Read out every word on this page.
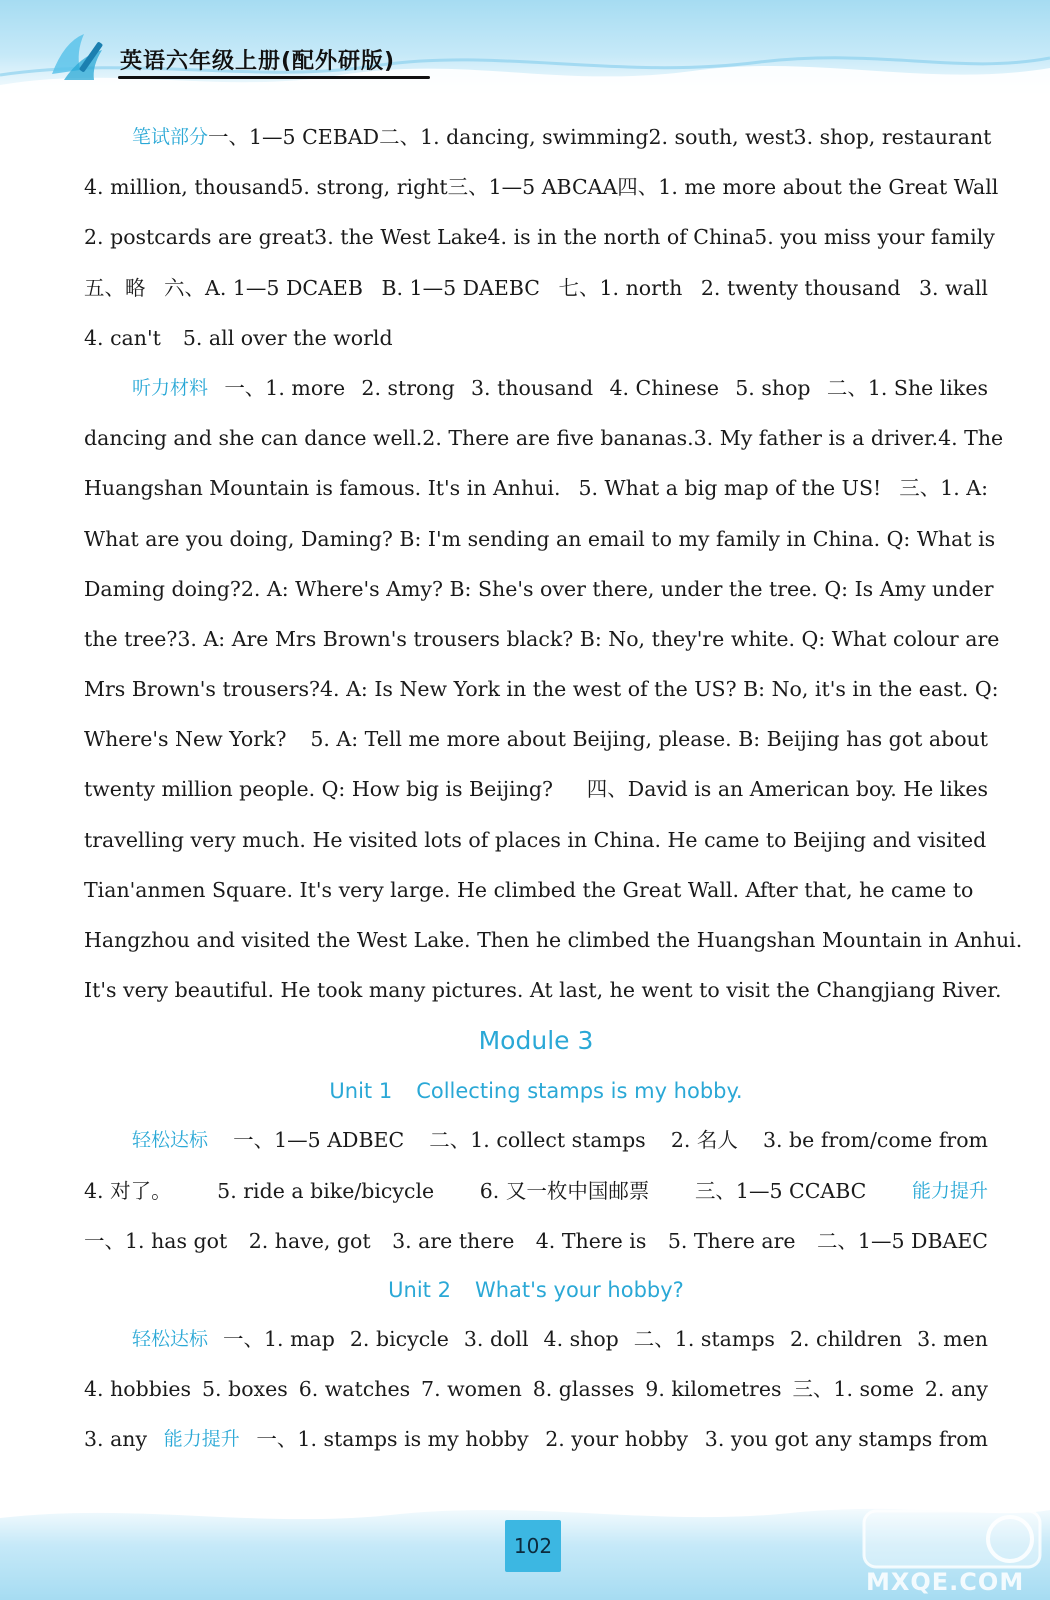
英语六年级上册(配外研版)
笔试部分 一、1—5 CEBAD 二、1. dancing, swimming 2. south, west 3. shop, restaurant
4. million, thousand 5. strong, right 三、1—5 ABCAA 四、1. me more about the Great Wall
2. postcards are great 3. the West Lake 4. is in the north of China 5. you miss your family
五、略 六、A. 1—5 DCAEB B. 1—5 DAEBC 七、1. north 2. twenty thousand 3. wall
4. can't 5. all over the world
听力材料 一、1. more 2. strong 3. thousand 4. Chinese 5. shop 二、1. She likes
dancing and she can dance well. 2. There are five bananas. 3. My father is a driver. 4. The
Huangshan Mountain is famous. It's in Anhui. 5. What a big map of the US! 三、1. A:
What are you doing, Daming? B: I'm sending an email to my family in China. Q: What is
Daming doing? 2. A: Where's Amy? B: She's over there, under the tree. Q: Is Amy under
the tree? 3. A: Are Mrs Brown's trousers black? B: No, they're white. Q: What colour are
Mrs Brown's trousers? 4. A: Is New York in the west of the US? B: No, it's in the east. Q:
Where's New York? 5. A: Tell me more about Beijing, please. B: Beijing has got about
twenty million people. Q: How big is Beijing? 四、David is an American boy. He likes
travelling very much. He visited lots of places in China. He came to Beijing and visited
Tian'anmen Square. It's very large. He climbed the Great Wall. After that, he came to
Hangzhou and visited the West Lake. Then he climbed the Huangshan Mountain in Anhui.
It's very beautiful. He took many pictures. At last, he went to visit the Changjiang River.
Module 3
Unit 1 Collecting stamps is my hobby.
轻松达标 一、1—5 ADBEC 二、1. collect stamps 2. 名人 3. be from/come from
4. 对了。 5. ride a bike/bicycle 6. 又一枚中国邮票 三、1—5 CCABC 能力提升
一、1. has got 2. have, got 3. are there 4. There is 5. There are 二、1—5 DBAEC
Unit 2 What's your hobby?
轻松达标 一、1. map 2. bicycle 3. doll 4. shop 二、1. stamps 2. children 3. men
4. hobbies 5. boxes 6. watches 7. women 8. glasses 9. kilometres 三、1. some 2. any
3. any 能力提升 一、1. stamps is my hobby 2. your hobby 3. you got any stamps from
102
MXQE.COM
